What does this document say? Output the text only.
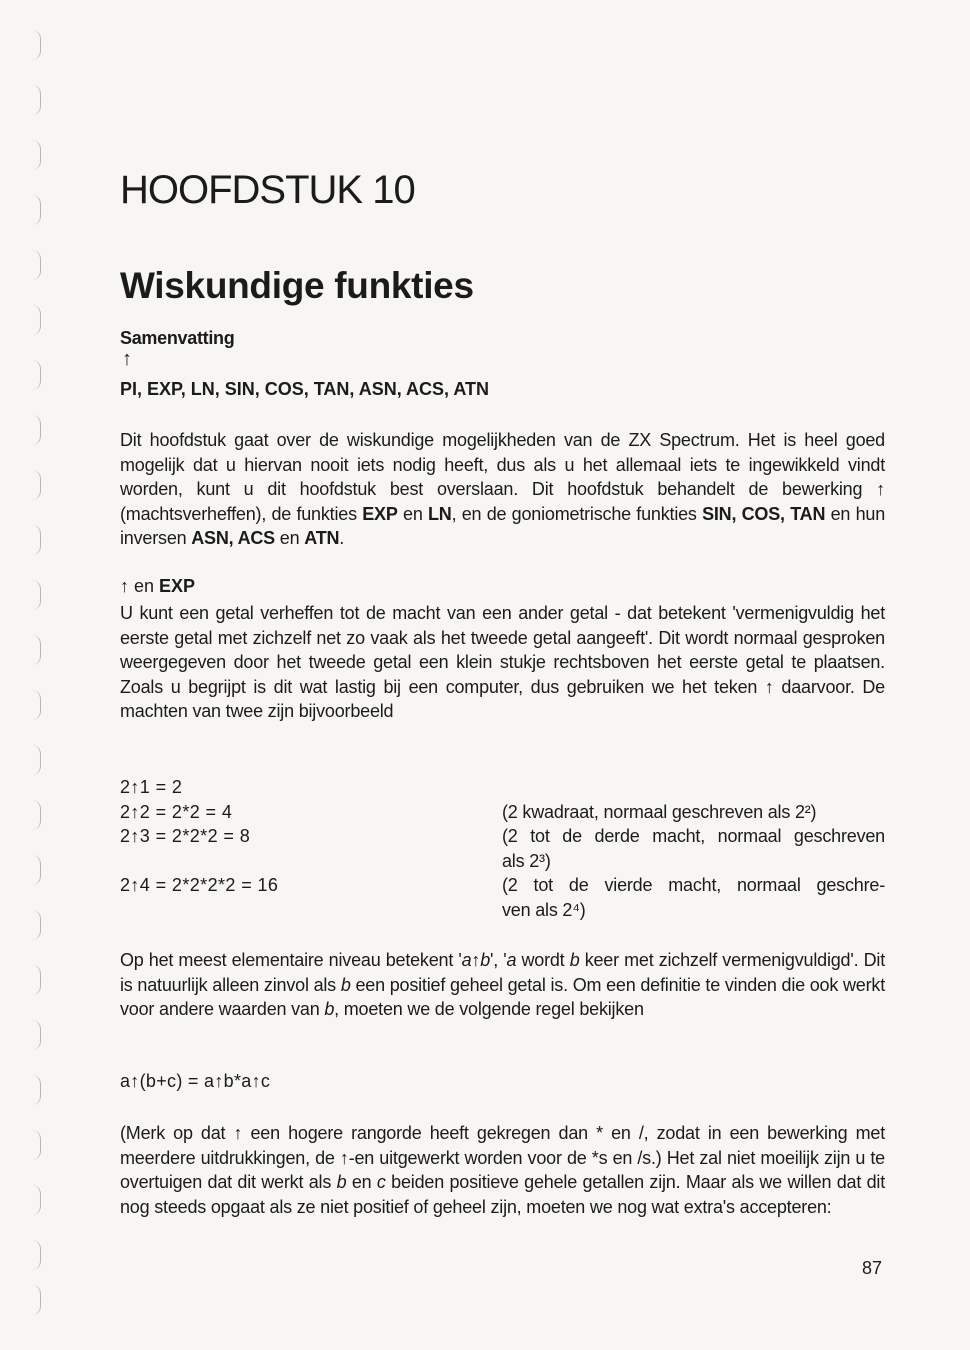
HOOFDSTUK 10
Wiskundige funkties
Samenvatting
↑
PI, EXP, LN, SIN, COS, TAN, ASN, ACS, ATN
Dit hoofdstuk gaat over de wiskundige mogelijkheden van de ZX Spectrum. Het is heel goed mogelijk dat u hiervan nooit iets nodig heeft, dus als u het allemaal iets te ingewikkeld vindt worden, kunt u dit hoofdstuk best overslaan. Dit hoofdstuk behandelt de bewerking ↑ (machtsverheffen), de funkties EXP en LN, en de goniometrische funkties SIN, COS, TAN en hun inversen ASN, ACS en ATN.
↑ en EXP
U kunt een getal verheffen tot de macht van een ander getal - dat betekent 'vermenigvuldig het eerste getal met zichzelf net zo vaak als het tweede getal aangeeft'. Dit wordt normaal gesproken weergegeven door het tweede getal een klein stukje rechtsboven het eerste getal te plaatsen. Zoals u begrijpt is dit wat lastig bij een computer, dus gebruiken we het teken ↑ daarvoor. De machten van twee zijn bijvoorbeeld
2↑1 = 2
2↑2 = 2*2 = 4	(2 kwadraat, normaal geschreven als 2²)
2↑3 = 2*2*2 = 8	(2 tot de derde macht, normaal geschreven
als 2³)
2↑4 = 2*2*2*2 = 16	(2 tot de vierde macht, normaal geschre-
ven als 2⁴)
Op het meest elementaire niveau betekent 'a↑b', 'a wordt b keer met zichzelf vermenigvuldigd'. Dit is natuurlijk alleen zinvol als b een positief geheel getal is. Om een definitie te vinden die ook werkt voor andere waarden van b, moeten we de volgende regel bekijken
a↑(b+c) = a↑b*a↑c
(Merk op dat ↑ een hogere rangorde heeft gekregen dan * en /, zodat in een bewerking met meerdere uitdrukkingen, de ↑-en uitgewerkt worden voor de *s en /s.) Het zal niet moeilijk zijn u te overtuigen dat dit werkt als b en c beiden positieve gehele getallen zijn. Maar als we willen dat dit nog steeds opgaat als ze niet positief of geheel zijn, moeten we nog wat extra's accepteren:
87
